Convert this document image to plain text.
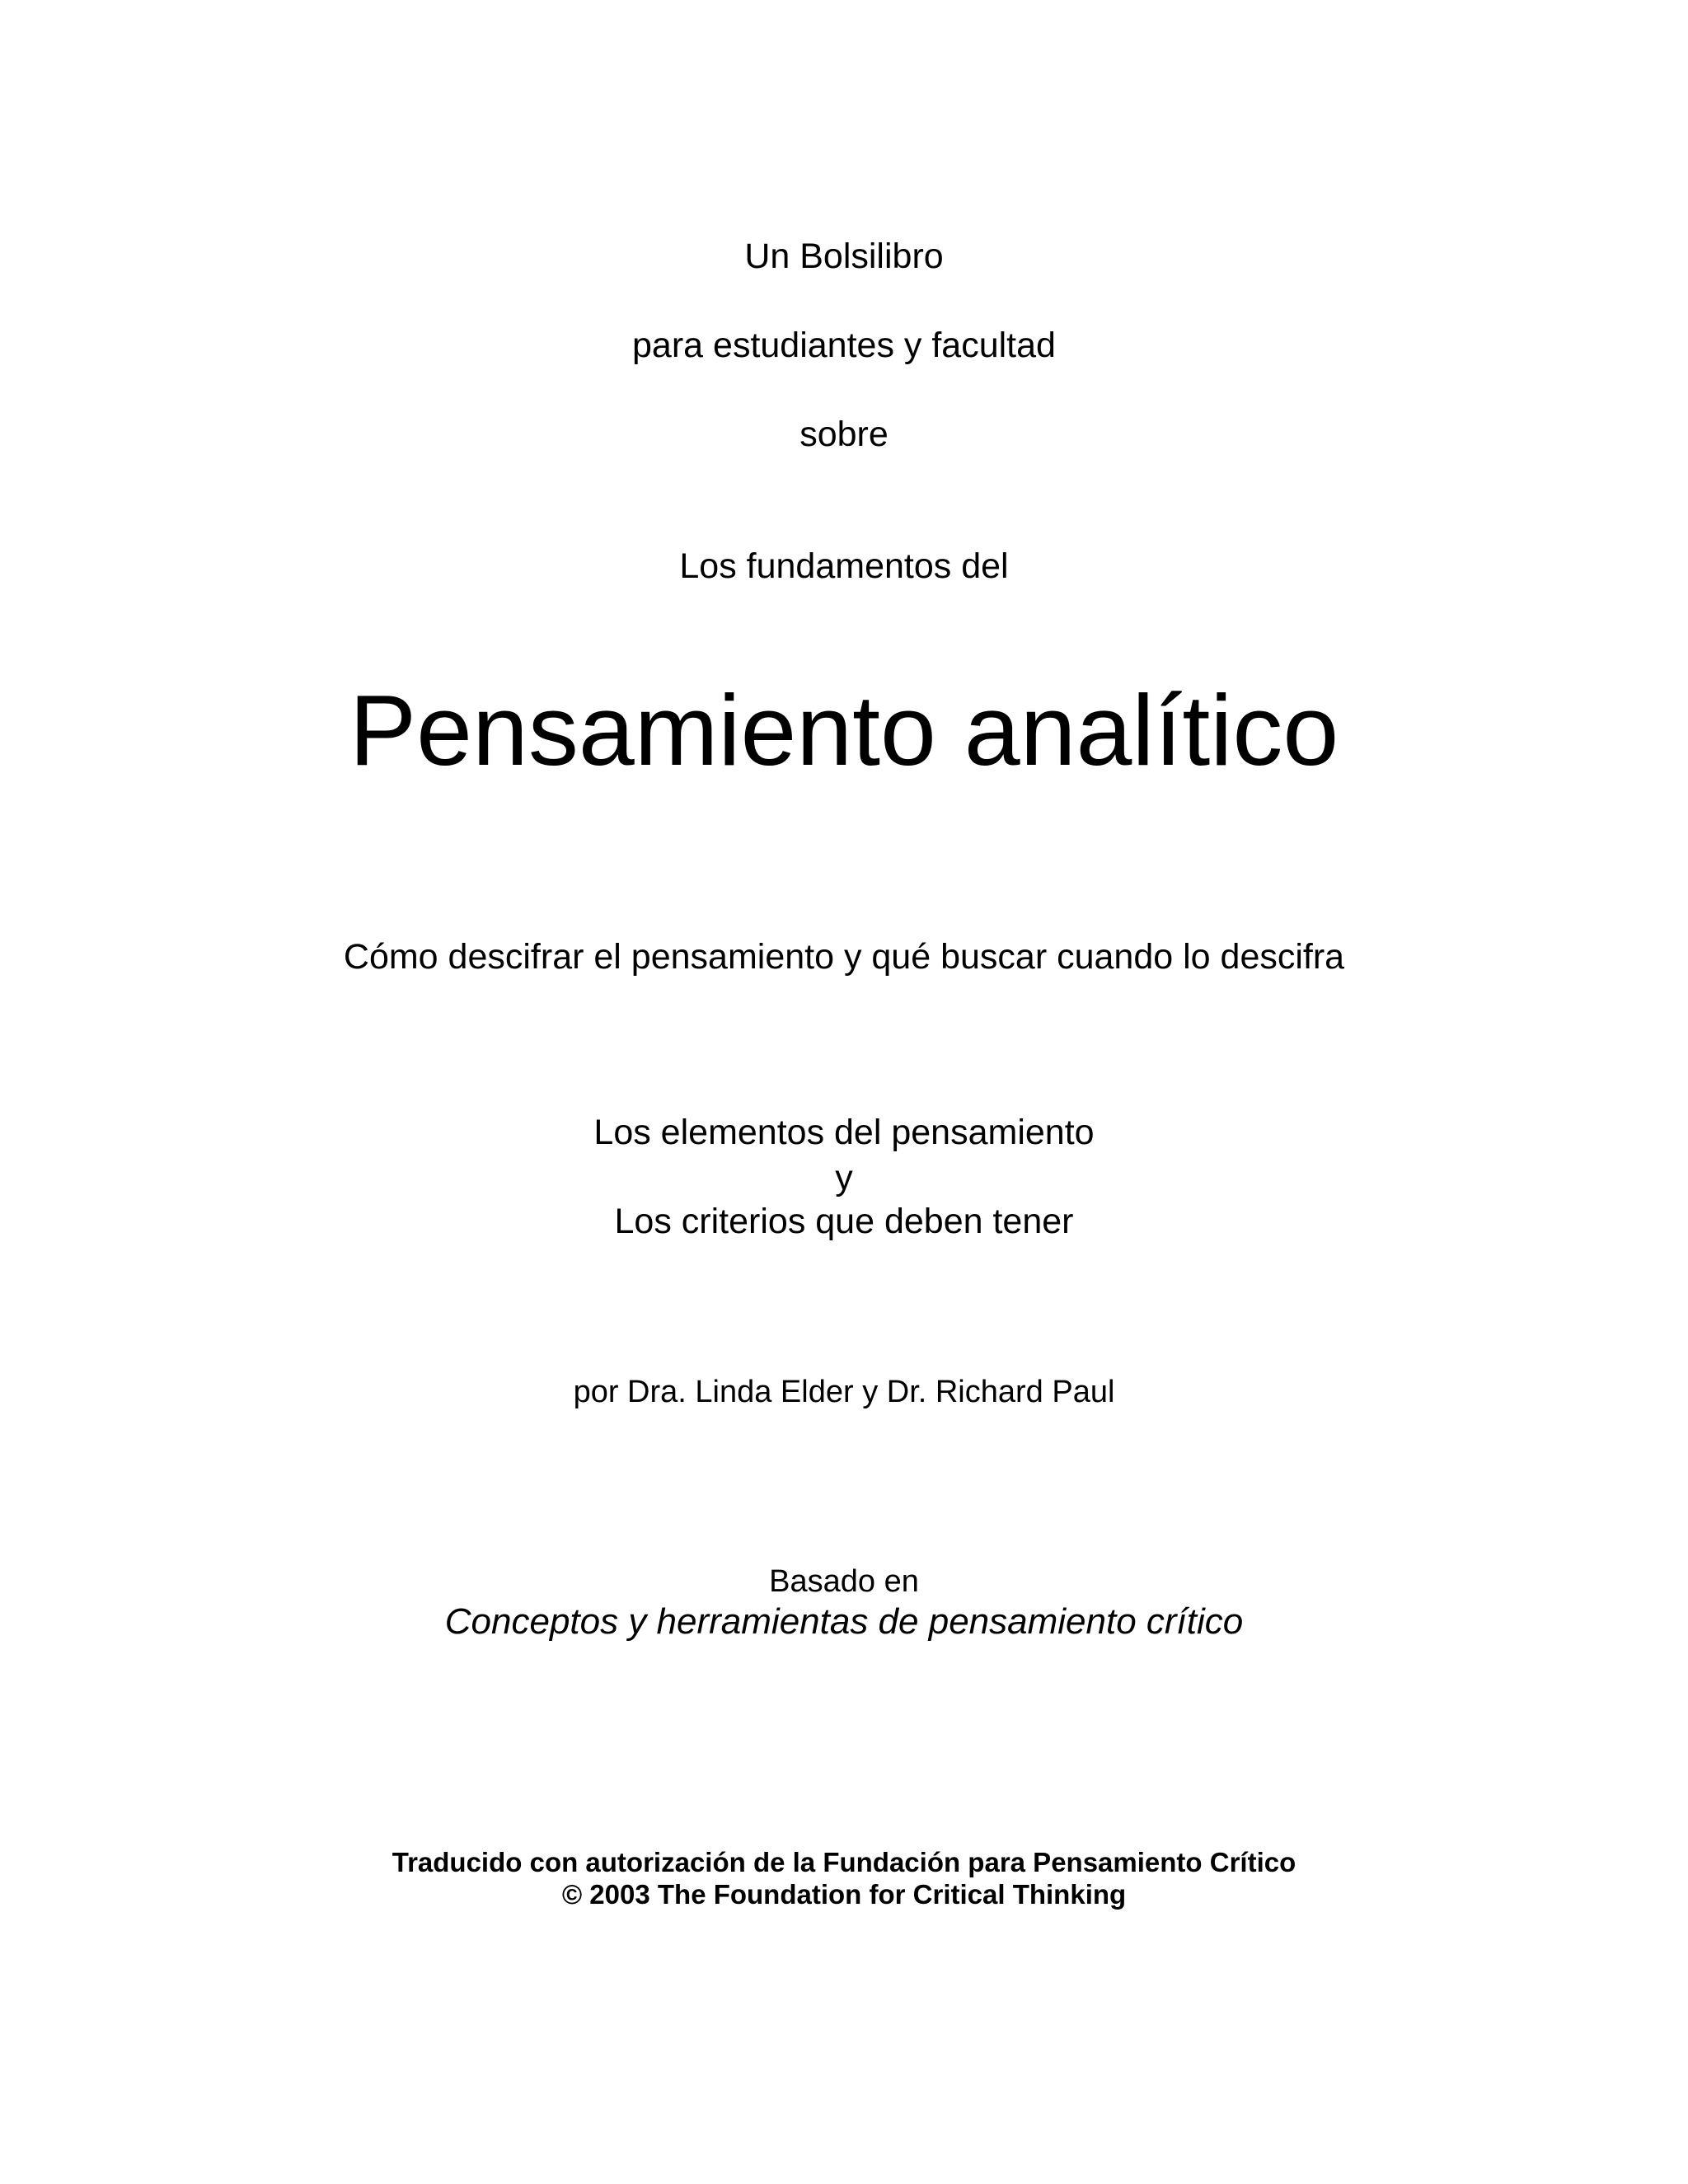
Un Bolsilibro

para estudiantes y facultad

sobre

Los fundamentos del

Pensamiento analítico

Cómo descifrar el pensamiento y qué buscar cuando lo descifra

Los elementos del pensamiento

y

Los criterios que deben tener

por Dra. Linda Elder y Dr. Richard Paul

Basado en

Conceptos y herramientas de pensamiento crítico

Traducido con autorización de la Fundación para Pensamiento Crítico

© 2003 The Foundation for Critical Thinking
